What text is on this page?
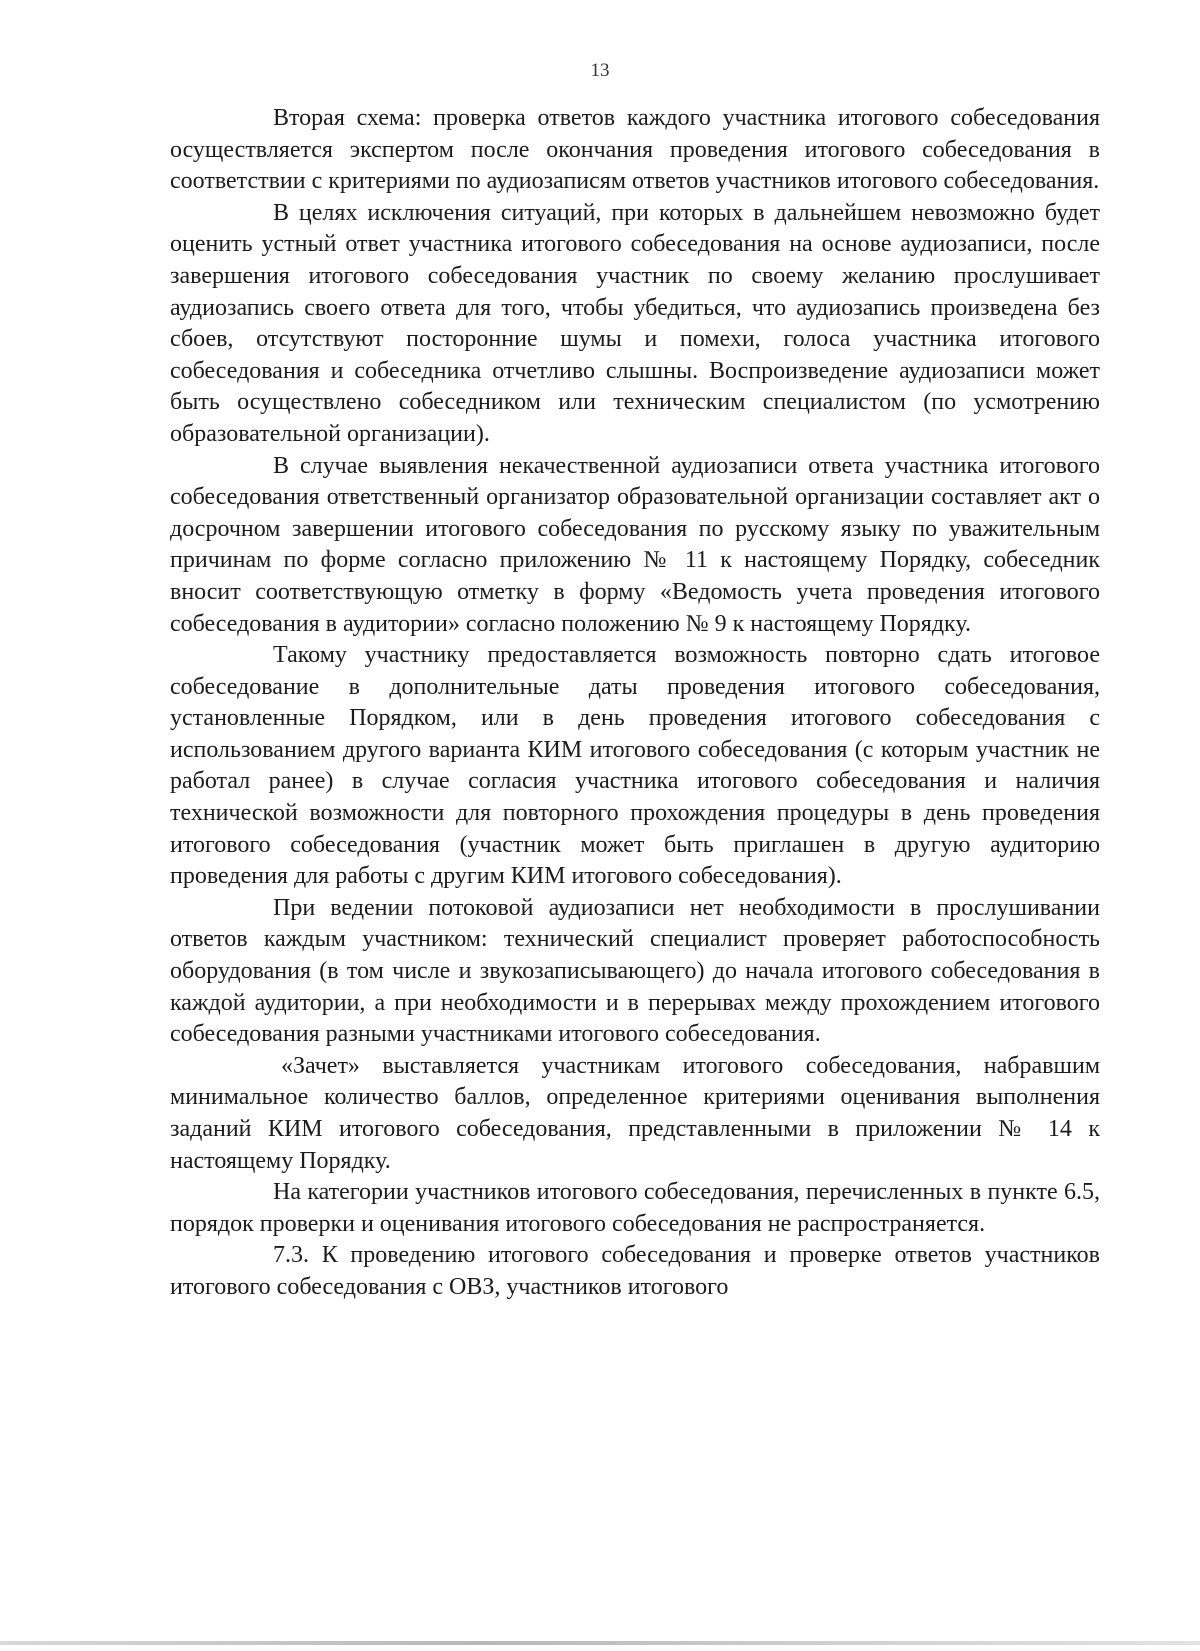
13

Вторая схема: проверка ответов каждого участника итогового собеседования осуществляется экспертом после окончания проведения итогового собеседования в соответствии с критериями по аудиозаписям ответов участников итогового собеседования.

В целях исключения ситуаций, при которых в дальнейшем невозможно будет оценить устный ответ участника итогового собеседования на основе аудиозаписи, после завершения итогового собеседования участник по своему желанию прослушивает аудиозапись своего ответа для того, чтобы убедиться, что аудиозапись произведена без сбоев, отсутствуют посторонние шумы и помехи, голоса участника итогового собеседования и собеседника отчетливо слышны. Воспроизведение аудиозаписи может быть осуществлено собеседником или техническим специалистом (по усмотрению образовательной организации).

В случае выявления некачественной аудиозаписи ответа участника итогового собеседования ответственный организатор образовательной организации составляет акт о досрочном завершении итогового собеседования по русскому языку по уважительным причинам по форме согласно приложению № 11 к настоящему Порядку, собеседник вносит соответствующую отметку в форму «Ведомость учета проведения итогового собеседования в аудитории» согласно положению № 9 к настоящему Порядку.

Такому участнику предоставляется возможность повторно сдать итоговое собеседование в дополнительные даты проведения итогового собеседования, установленные Порядком, или в день проведения итогового собеседования с использованием другого варианта КИМ итогового собеседования (с которым участник не работал ранее) в случае согласия участника итогового собеседования и наличия технической возможности для повторного прохождения процедуры в день проведения итогового собеседования (участник может быть приглашен в другую аудиторию проведения для работы с другим КИМ итогового собеседования).

При ведении потоковой аудиозаписи нет необходимости в прослушивании ответов каждым участником: технический специалист проверяет работоспособность оборудования (в том числе и звукозаписывающего) до начала итогового собеседования в каждой аудитории, а при необходимости и в перерывах между прохождением итогового собеседования разными участниками итогового собеседования.

«Зачет» выставляется участникам итогового собеседования, набравшим минимальное количество баллов, определенное критериями оценивания выполнения заданий КИМ итогового собеседования, представленными в приложении № 14 к настоящему Порядку.

На категории участников итогового собеседования, перечисленных в пункте 6.5, порядок проверки и оценивания итогового собеседования не распространяется.

7.3. К проведению итогового собеседования и проверке ответов участников итогового собеседования с ОВЗ, участников итогового
